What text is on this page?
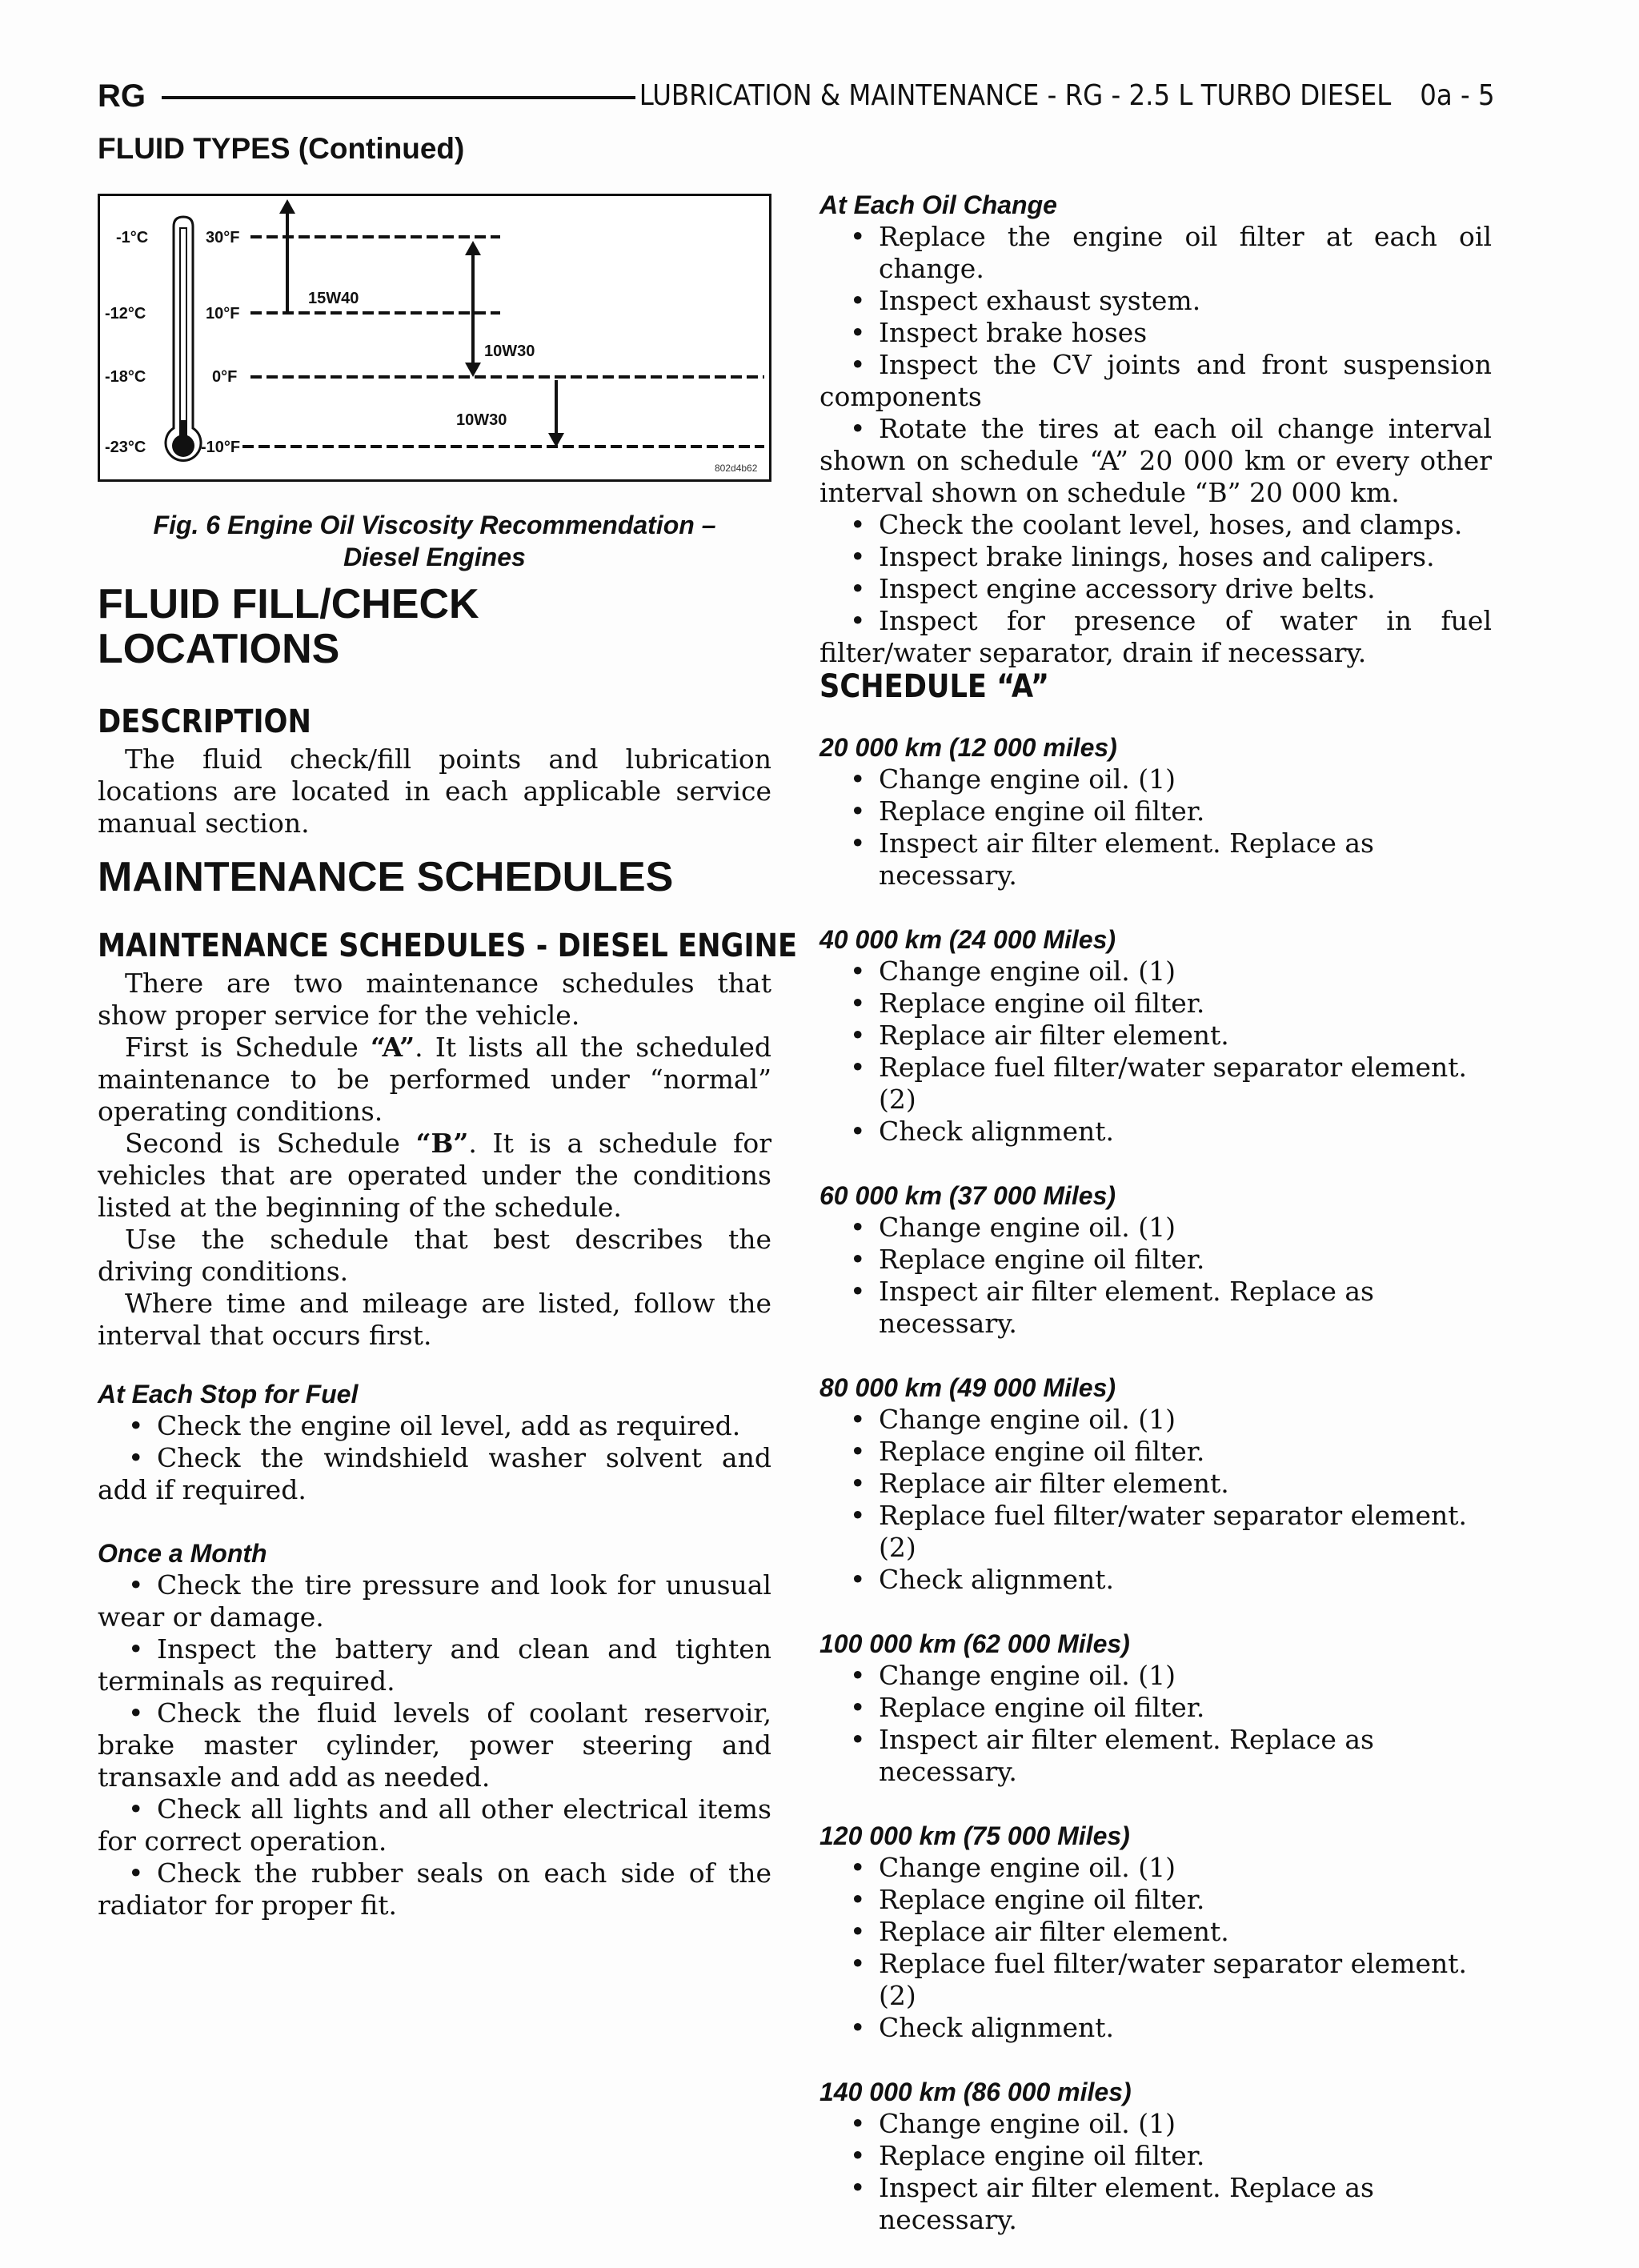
RG	LUBRICATION & MAINTENANCE - RG - 2.5 L TURBO DIESEL 0a - 5
FLUID TYPES (Continued)
-1°C
-12°C
-18°C
-23°C
30°F
10°F
0°F
-10°F
15W40
10W30
10W30
802d4b62

Fig. 6 Engine Oil Viscosity Recommendation –

Diesel Engines

FLUID FILL/CHECK LOCATIONS
DESCRIPTION

The fluid check/fill points and lubrication locations are located in each applicable service manual section.

MAINTENANCE SCHEDULES
MAINTENANCE SCHEDULES - DIESEL ENGINE

There are two maintenance schedules that show proper service for the vehicle.

First is Schedule “A”. It lists all the scheduled maintenance to be performed under “normal” operating conditions.

Second is Schedule “B”. It is a schedule for vehicles that are operated under the conditions listed at the beginning of the schedule.

Use the schedule that best describes the driving conditions.

Where time and mileage are listed, follow the interval that occurs first.

At Each Stop for Fuel

• Check the engine oil level, add as required.

• Check the windshield washer solvent and add if required.

Once a Month

• Check the tire pressure and look for unusual wear or damage.

• Inspect the battery and clean and tighten terminals as required.

• Check the fluid levels of coolant reservoir, brake master cylinder, power steering and transaxle and add as needed.

• Check all lights and all other electrical items for correct operation.

• Check the rubber seals on each side of the radiator for proper fit.

At Each Oil Change

• Replace the engine oil filter at each oil change.

• Inspect exhaust system.

• Inspect brake hoses

• Inspect the CV joints and front suspension components

• Rotate the tires at each oil change interval shown on schedule “A” 20 000 km or every other interval shown on schedule “B” 20 000 km.

• Check the coolant level, hoses, and clamps.

• Inspect brake linings, hoses and calipers.

• Inspect engine accessory drive belts.

• Inspect for presence of water in fuel filter/water separator, drain if necessary.

SCHEDULE “A”

20 000 km (12 000 miles)

• Change engine oil. (1)

• Replace engine oil filter.

• Inspect air filter element. Replace as necessary.

40 000 km (24 000 Miles)

• Change engine oil. (1)

• Replace engine oil filter.

• Replace air filter element.

• Replace fuel filter/water separator element. (2)

• Check alignment.

60 000 km (37 000 Miles)

• Change engine oil. (1)

• Replace engine oil filter.

• Inspect air filter element. Replace as necessary.

80 000 km (49 000 Miles)

• Change engine oil. (1)

• Replace engine oil filter.

• Replace air filter element.

• Replace fuel filter/water separator element. (2)

• Check alignment.

100 000 km (62 000 Miles)

• Change engine oil. (1)

• Replace engine oil filter.

• Inspect air filter element. Replace as necessary.

120 000 km (75 000 Miles)

• Change engine oil. (1)

• Replace engine oil filter.

• Replace air filter element.

• Replace fuel filter/water separator element. (2)

• Check alignment.

140 000 km (86 000 miles)

• Change engine oil. (1)

• Replace engine oil filter.

• Inspect air filter element. Replace as necessary.
